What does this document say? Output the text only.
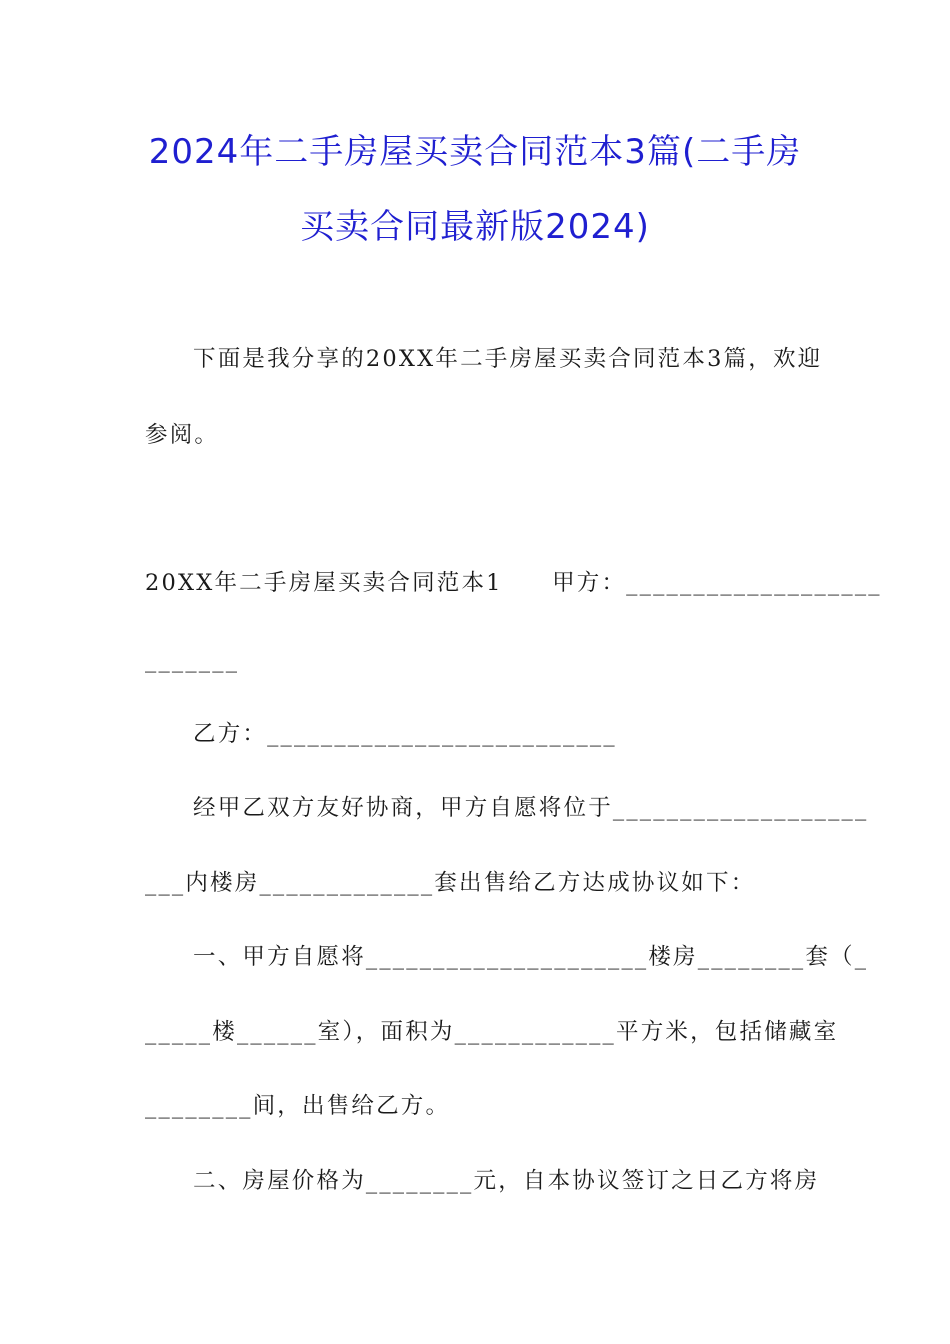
2024年二手房屋买卖合同范本3篇(二手房
买卖合同最新版2024)
下面是我分享的20XX年二手房屋买卖合同范本3篇，欢迎
参阅。
20XX年二手房屋买卖合同范本1　　甲方：___________________
_______
乙方：__________________________
经甲乙双方友好协商，甲方自愿将位于___________________
___内楼房_____________套出售给乙方达成协议如下：
一、甲方自愿将_____________________楼房________套（_
_____楼______室），面积为____________平方米，包括储藏室
________间，出售给乙方。
二、房屋价格为________元，自本协议签订之日乙方将房
